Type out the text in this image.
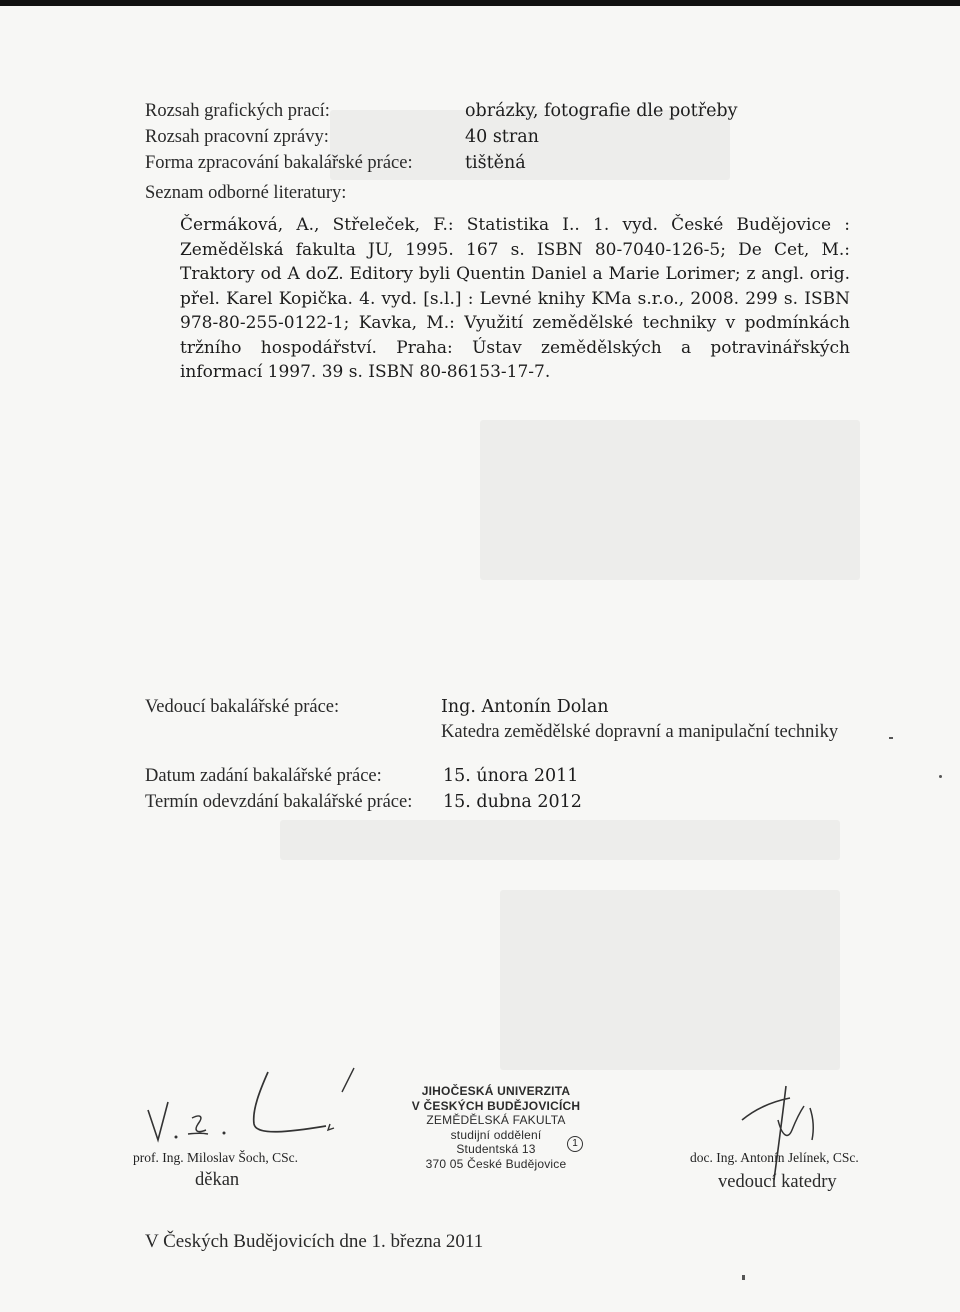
Rozsah grafických prací:	obrázky, fotografie dle potřeby
Rozsah pracovní zprávy:	40 stran
Forma zpracování bakalářské práce:	tištěná
Seznam odborné literatury:

Čermáková, A., Střeleček, F.: Statistika I.. 1. vyd. České Budějovice : Zemědělská fakulta JU, 1995. 167 s. ISBN 80-7040-126-5; De Cet, M.: Traktory od A doZ. Editory byli Quentin Daniel a Marie Lorimer; z angl. orig. přel. Karel Kopička. 4. vyd. [s.l.] : Levné knihy KMa s.r.o., 2008. 299 s. ISBN 978-80-255-0122-1; Kavka, M.: Využití zemědělské techniky v podmínkách tržního hospodářství. Praha: Ústav zemědělských a potravinářských informací 1997. 39 s. ISBN 80-86153-17-7.

Vedoucí bakalářské práce:	Ing. Antonín Dolan
Katedra zemědělské dopravní a manipulační techniky
Datum zadání bakalářské práce:	15. února 2011
Termín odevzdání bakalářské práce: 15. dubna 2012
prof. Ing. Miloslav Šoch, CSc.
děkan
doc. Ing. Antonín Jelínek, CSc.
vedoucí katedry
JIHOČESKÁ UNIVERZITA
V ČESKÝCH BUDĚJOVICÍCH
ZEMĚDĚLSKÁ FAKULTA
studijní oddělení
Studentská 13
370 05 České Budějovice
1
V Českých Budějovicích dne 1. března 2011
